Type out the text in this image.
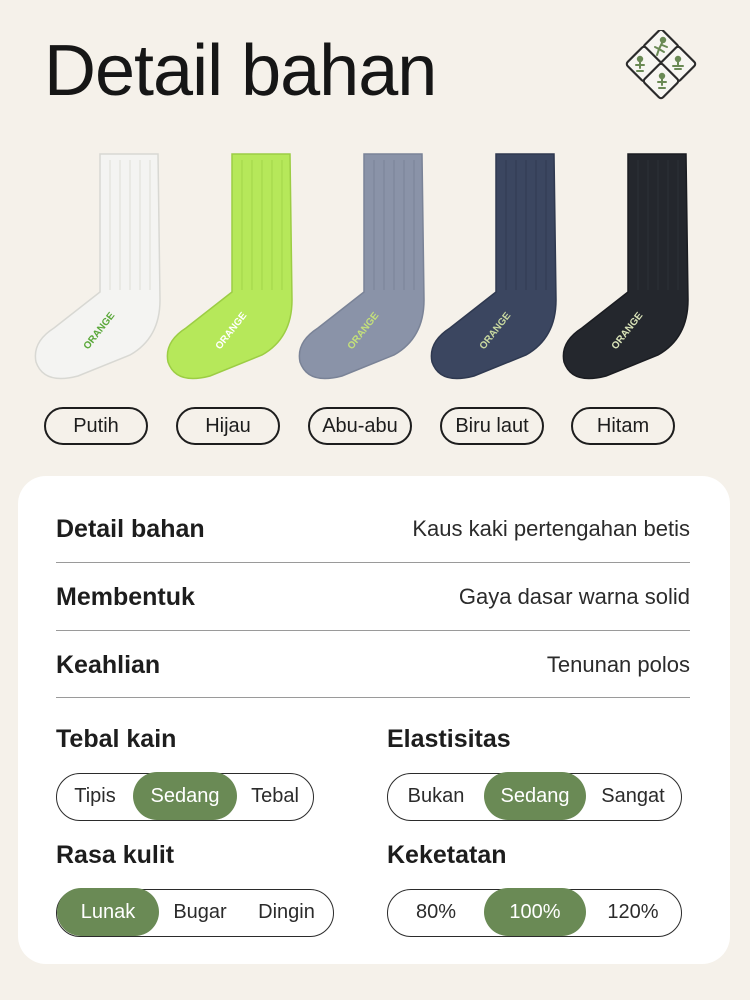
Detail bahan
ORANGE	ORANGE	ORANGE	ORANGE	ORANGE
Putih	Hijau	Abu-abu	Biru laut	Hitam
Detail bahan	Kaus kaki pertengahan betis
Membentuk	Gaya dasar warna solid
Keahlian	Tenunan polos
Tebal kain
Tipis	Sedang	Tebal
Elastisitas
Bukan	Sedang	Sangat
Rasa kulit
Lunak	Bugar	Dingin
Keketatan
80%	100%	120%
